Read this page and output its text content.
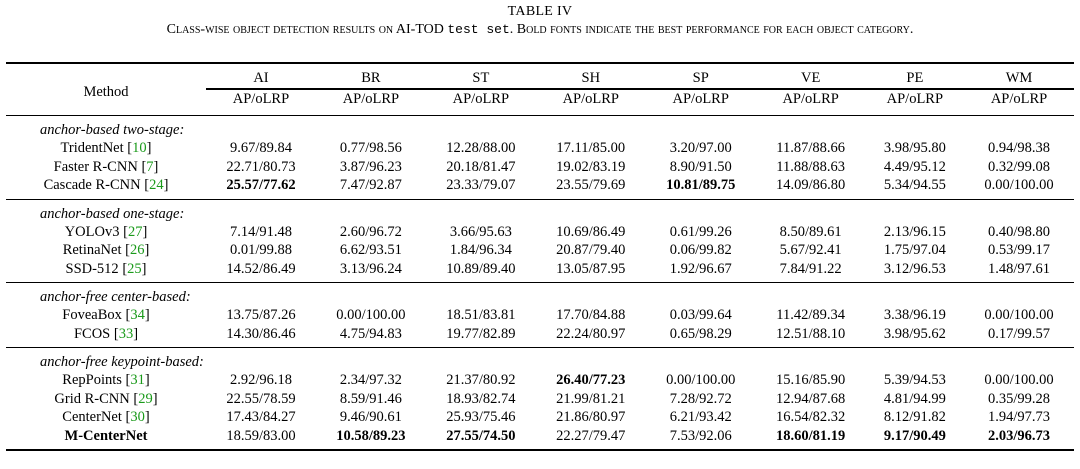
TABLE IV
Class-wise object detection results on AI-TOD test set. Bold fonts indicate the best performance for each object category.
Method	AI	BR	ST	SH	SP	VE	PE	WM
	AP/oLRP	AP/oLRP	AP/oLRP	AP/oLRP	AP/oLRP	AP/oLRP	AP/oLRP	AP/oLRP
anchor-based two-stage:								
TridentNet [10]	9.67/89.84	0.77/98.56	12.28/88.00	17.11/85.00	3.20/97.00	11.87/88.66	3.98/95.80	0.94/98.38
Faster R-CNN [7]	22.71/80.73	3.87/96.23	20.18/81.47	19.02/83.19	8.90/91.50	11.88/88.63	4.49/95.12	0.32/99.08
Cascade R-CNN [24]	25.57/77.62	7.47/92.87	23.33/79.07	23.55/79.69	10.81/89.75	14.09/86.80	5.34/94.55	0.00/100.00
anchor-based one-stage:								
YOLOv3 [27]	7.14/91.48	2.60/96.72	3.66/95.63	10.69/86.49	0.61/99.26	8.50/89.61	2.13/96.15	0.40/98.80
RetinaNet [26]	0.01/99.88	6.62/93.51	1.84/96.34	20.87/79.40	0.06/99.82	5.67/92.41	1.75/97.04	0.53/99.17
SSD-512 [25]	14.52/86.49	3.13/96.24	10.89/89.40	13.05/87.95	1.92/96.67	7.84/91.22	3.12/96.53	1.48/97.61
anchor-free center-based:								
FoveaBox [34]	13.75/87.26	0.00/100.00	18.51/83.81	17.70/84.88	0.03/99.64	11.42/89.34	3.38/96.19	0.00/100.00
FCOS [33]	14.30/86.46	4.75/94.83	19.77/82.89	22.24/80.97	0.65/98.29	12.51/88.10	3.98/95.62	0.17/99.57
anchor-free keypoint-based:								
RepPoints [31]	2.92/96.18	2.34/97.32	21.37/80.92	26.40/77.23	0.00/100.00	15.16/85.90	5.39/94.53	0.00/100.00
Grid R-CNN [29]	22.55/78.59	8.59/91.46	18.93/82.74	21.99/81.21	7.28/92.72	12.94/87.68	4.81/94.99	0.35/99.28
CenterNet [30]	17.43/84.27	9.46/90.61	25.93/75.46	21.86/80.97	6.21/93.42	16.54/82.32	8.12/91.82	1.94/97.73
M-CenterNet	18.59/83.00	10.58/89.23	27.55/74.50	22.27/79.47	7.53/92.06	18.60/81.19	9.17/90.49	2.03/96.73
